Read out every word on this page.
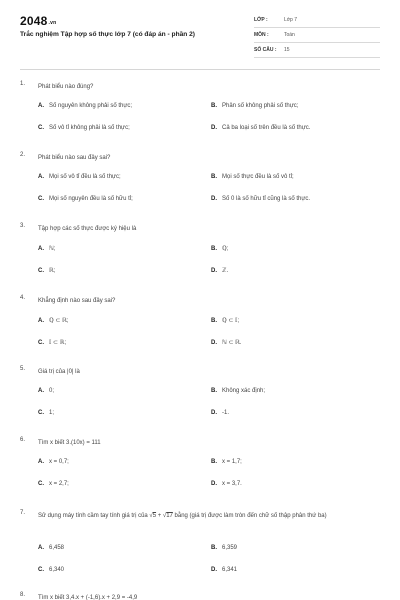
2048.vn
Trắc nghiệm Tập hợp số thực lớp 7 (có đáp án - phần 2)
LỚP :	Lớp 7
MÔN :	Toán
SỐ CÂU : 15
1. Phát biểu nào đúng?
A. Số nguyên không phải số thực;	B. Phân số không phải số thực;
C. Số vô tỉ không phải là số thực;	D. Cả ba loại số trên đều là số thực.
2. Phát biểu nào sau đây sai?
A. Mọi số vô tỉ đều là số thực;	B. Mọi số thực đều là số vô tỉ;
C. Mọi số nguyên đều là số hữu tỉ;	D. Số 0 là số hữu tỉ cũng là số thực.
3. Tập hợp các số thực được ký hiệu là
A. ℕ;	B. ℚ;
C. ℝ;	D. ℤ.
4. Khẳng định nào sau đây sai?
A. ℚ ⊂ ℝ;	B. ℚ ⊂ 𝕀;
C. 𝕀 ⊂ ℝ;	D. ℕ ⊂ ℝ.
5. Giá trị của |0| là
A. 0;	B. Không xác định;
C. 1;	D. -1.
6. Tìm x biết 3.(10x) = 111
A. x = 0,7;	B. x = 1,7;
C. x = 2,7;	D. x = 3,7.
7. Sử dụng máy tính cầm tay tính giá trị của √5 + √17 bằng (giá trị được làm tròn đến chữ số thập phân thứ ba)
A. 6,458	B. 6,359
C. 6,340	D. 6,341
8. Tìm x biết 3,4.x + (-1,6).x + 2,9 = -4,9
